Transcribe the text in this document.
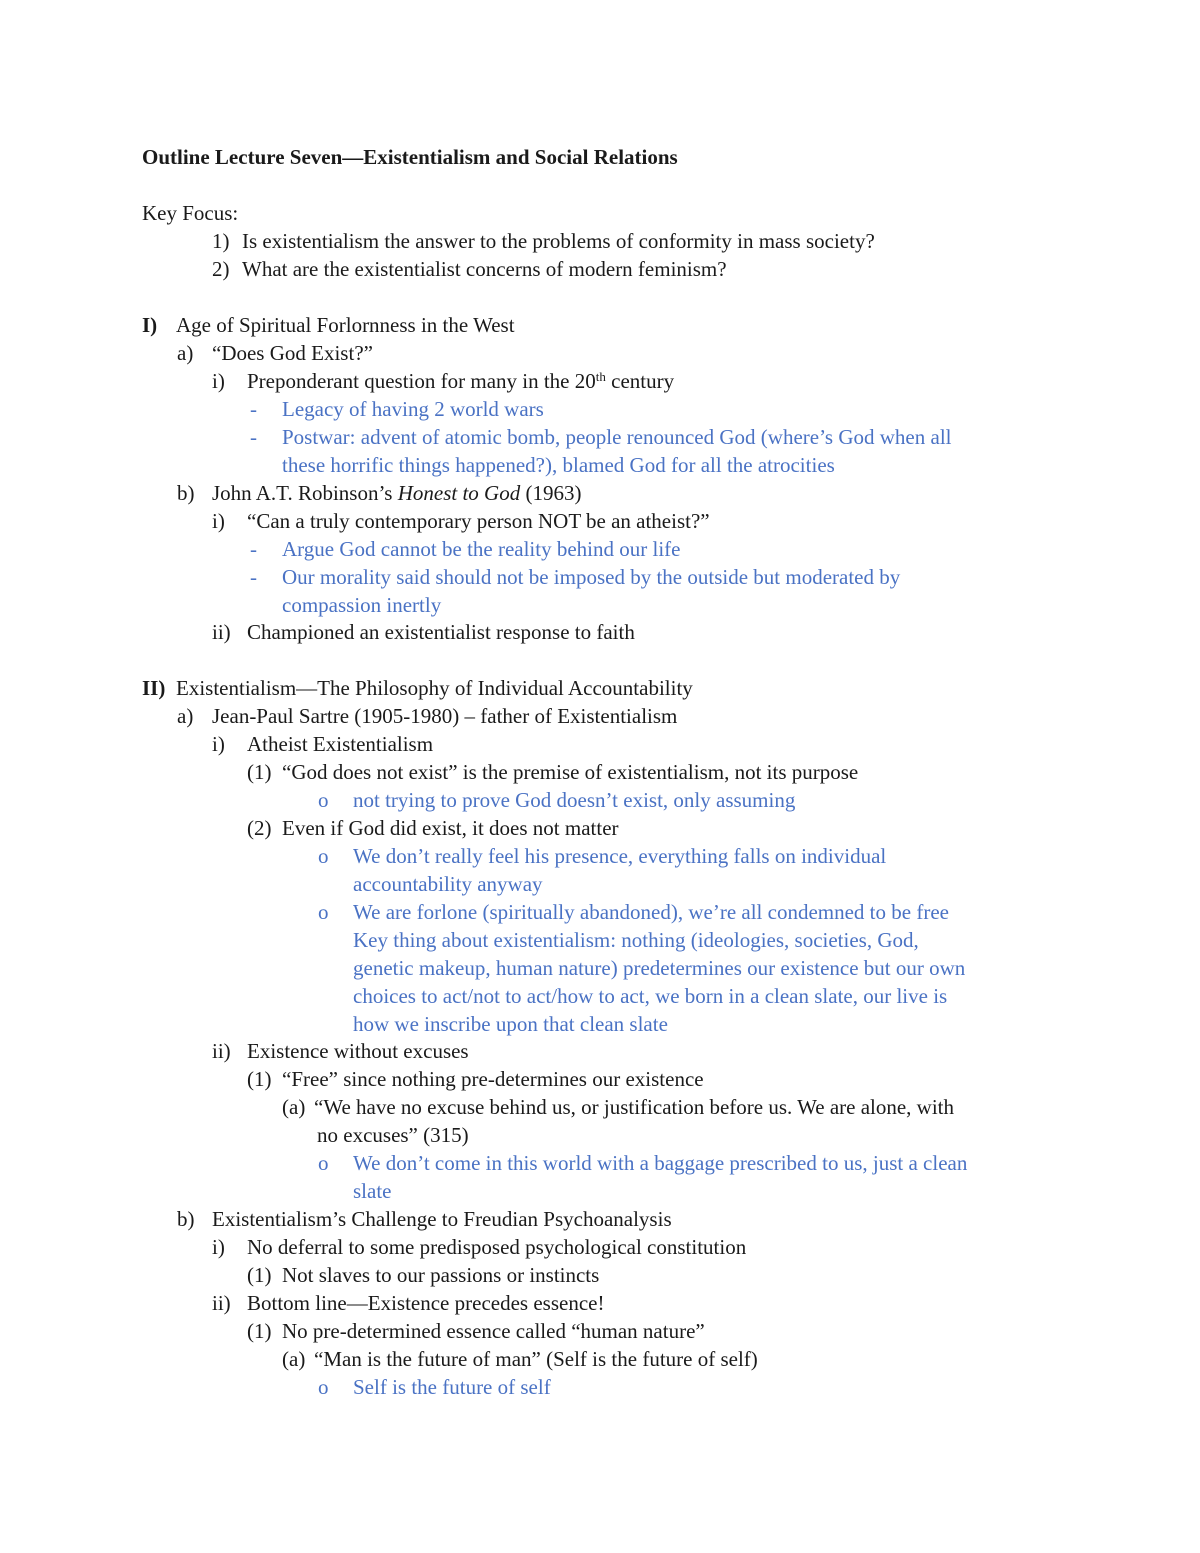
Outline Lecture Seven—Existentialism and Social Relations
Key Focus:
1) Is existentialism the answer to the problems of conformity in mass society?
2) What are the existentialist concerns of modern feminism?
I) Age of Spiritual Forlornness in the West
a) “Does God Exist?”
i) Preponderant question for many in the 20th century
- Legacy of having 2 world wars
- Postwar: advent of atomic bomb, people renounced God (where’s God when all
these horrific things happened?), blamed God for all the atrocities
b) John A.T. Robinson’s Honest to God (1963)
i) “Can a truly contemporary person NOT be an atheist?”
- Argue God cannot be the reality behind our life
- Our morality said should not be imposed by the outside but moderated by
compassion inertly
ii) Championed an existentialist response to faith
II) Existentialism—The Philosophy of Individual Accountability
a) Jean-Paul Sartre (1905-1980) – father of Existentialism
i) Atheist Existentialism
(1) “God does not exist” is the premise of existentialism, not its purpose
o not trying to prove God doesn’t exist, only assuming
(2) Even if God did exist, it does not matter
o We don’t really feel his presence, everything falls on individual
accountability anyway
o We are forlone (spiritually abandoned), we’re all condemned to be free
Key thing about existentialism: nothing (ideologies, societies, God,
genetic makeup, human nature) predetermines our existence but our own
choices to act/not to act/how to act, we born in a clean slate, our live is
how we inscribe upon that clean slate
ii) Existence without excuses
(1) “Free” since nothing pre-determines our existence
(a) “We have no excuse behind us, or justification before us. We are alone, with
no excuses” (315)
o We don’t come in this world with a baggage prescribed to us, just a clean
slate
b) Existentialism’s Challenge to Freudian Psychoanalysis
i) No deferral to some predisposed psychological constitution
(1) Not slaves to our passions or instincts
ii) Bottom line—Existence precedes essence!
(1) No pre-determined essence called “human nature”
(a) “Man is the future of man” (Self is the future of self)
o Self is the future of self
